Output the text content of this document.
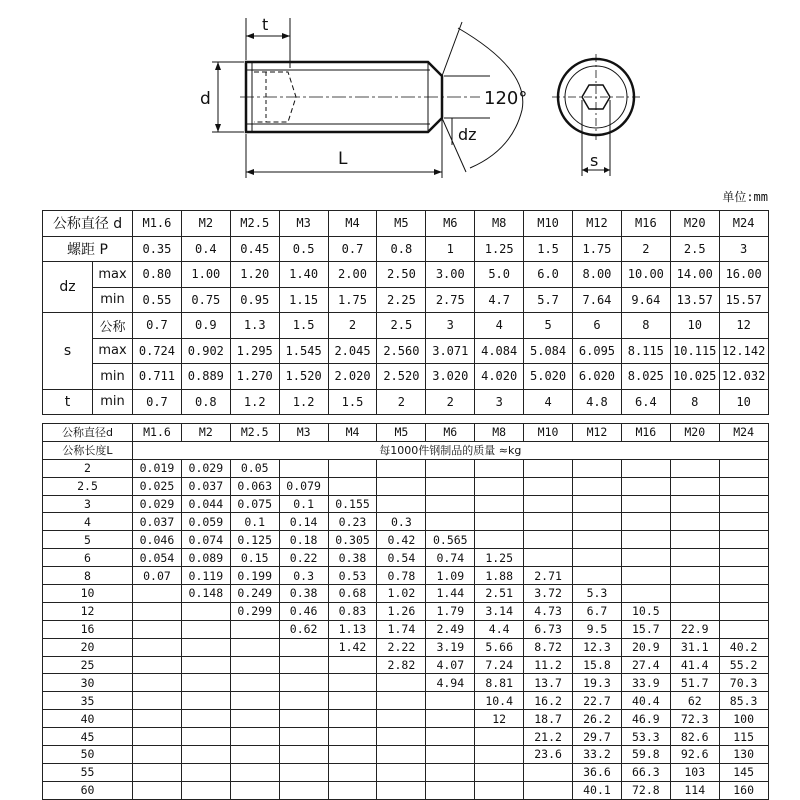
t
d
L
dz
120°
s
单位:mm
公称直径 d		M1.6	M2	M2.5	M3	M4	M5	M6	M8	M10	M12	M16	M20	M24
螺距 P		0.35	0.4	0.45	0.5	0.7	0.8	1	1.25	1.5	1.75	2	2.5	3
dz	max	0.80	1.00	1.20	1.40	2.00	2.50	3.00	5.0	6.0	8.00	10.00	14.00	16.00
	min	0.55	0.75	0.95	1.15	1.75	2.25	2.75	4.7	5.7	7.64	9.64	13.57	15.57
s	公称	0.7	0.9	1.3	1.5	2	2.5	3	4	5	6	8	10	12
	max	0.724	0.902	1.295	1.545	2.045	2.560	3.071	4.084	5.084	6.095	8.115	10.115	12.142
	min	0.711	0.889	1.270	1.520	2.020	2.520	3.020	4.020	5.020	6.020	8.025	10.025	12.032
t	min	0.7	0.8	1.2	1.2	1.5	2	2	3	4	4.8	6.4	8	10
公称直径d	M1.6	M2	M2.5	M3	M4	M5	M6	M8	M10	M12	M16	M20	M24
公称长度L	每1000件钢制品的质量 ≈kg												
2	0.019	0.029	0.05										
2.5	0.025	0.037	0.063	0.079									
3	0.029	0.044	0.075	0.1	0.155								
4	0.037	0.059	0.1	0.14	0.23	0.3							
5	0.046	0.074	0.125	0.18	0.305	0.42	0.565						
6	0.054	0.089	0.15	0.22	0.38	0.54	0.74	1.25					
8	0.07	0.119	0.199	0.3	0.53	0.78	1.09	1.88	2.71				
10		0.148	0.249	0.38	0.68	1.02	1.44	2.51	3.72	5.3			
12			0.299	0.46	0.83	1.26	1.79	3.14	4.73	6.7	10.5		
16				0.62	1.13	1.74	2.49	4.4	6.73	9.5	15.7	22.9	
20					1.42	2.22	3.19	5.66	8.72	12.3	20.9	31.1	40.2
25						2.82	4.07	7.24	11.2	15.8	27.4	41.4	55.2
30							4.94	8.81	13.7	19.3	33.9	51.7	70.3
35								10.4	16.2	22.7	40.4	62	85.3
40								12	18.7	26.2	46.9	72.3	100
45									21.2	29.7	53.3	82.6	115
50									23.6	33.2	59.8	92.6	130
55										36.6	66.3	103	145
60										40.1	72.8	114	160
